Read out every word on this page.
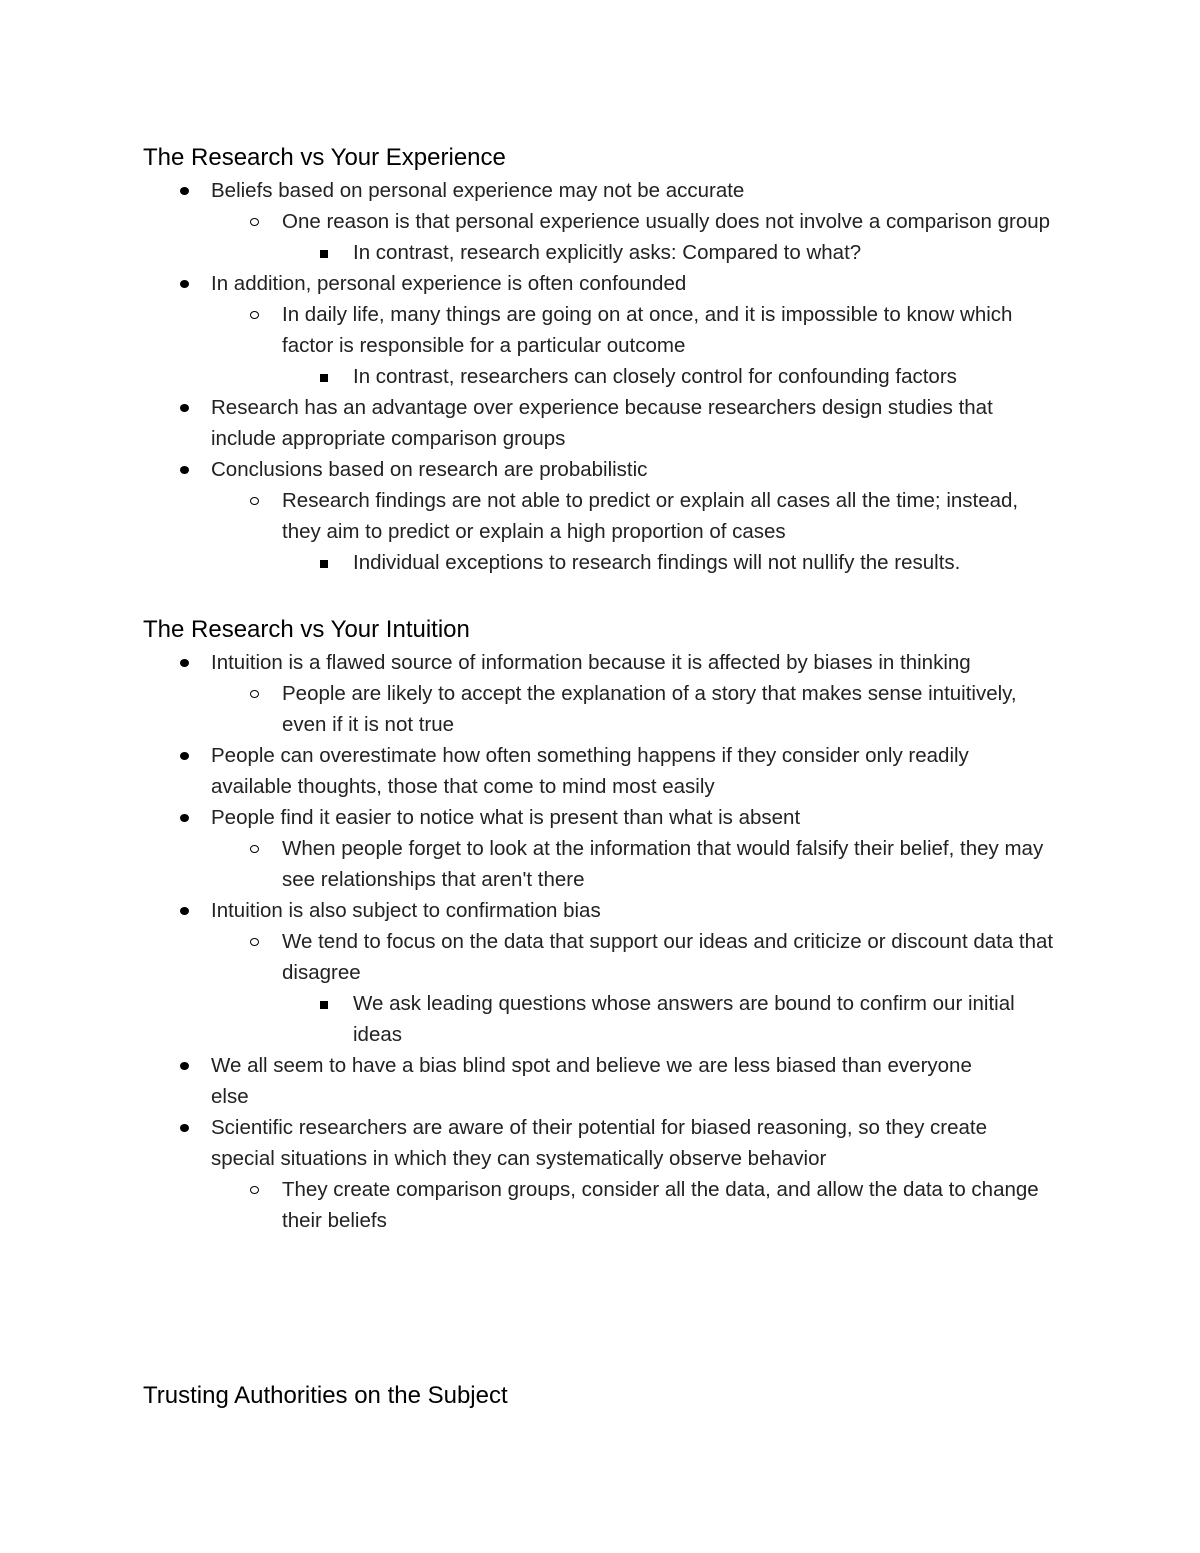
The Research vs Your Experience
Beliefs based on personal experience may not be accurate
One reason is that personal experience usually does not involve a comparison group
In contrast, research explicitly asks: Compared to what?
In addition, personal experience is often confounded
In daily life, many things are going on at once, and it is impossible to know which factor is responsible for a particular outcome
In contrast, researchers can closely control for confounding factors
Research has an advantage over experience because researchers design studies that include appropriate comparison groups
Conclusions based on research are probabilistic
Research findings are not able to predict or explain all cases all the time; instead, they aim to predict or explain a high proportion of cases
Individual exceptions to research findings will not nullify the results.
The Research vs Your Intuition
Intuition is a flawed source of information because it is affected by biases in thinking
People are likely to accept the explanation of a story that makes sense intuitively, even if it is not true
People can overestimate how often something happens if they consider only readily available thoughts, those that come to mind most easily
People find it easier to notice what is present than what is absent
When people forget to look at the information that would falsify their belief, they may see relationships that aren't there
Intuition is also subject to confirmation bias
We tend to focus on the data that support our ideas and criticize or discount data that disagree
We ask leading questions whose answers are bound to confirm our initial ideas
We all seem to have a bias blind spot and believe we are less biased than everyone else
Scientific researchers are aware of their potential for biased reasoning, so they create special situations in which they can systematically observe behavior
They create comparison groups, consider all the data, and allow the data to change their beliefs
Trusting Authorities on the Subject
